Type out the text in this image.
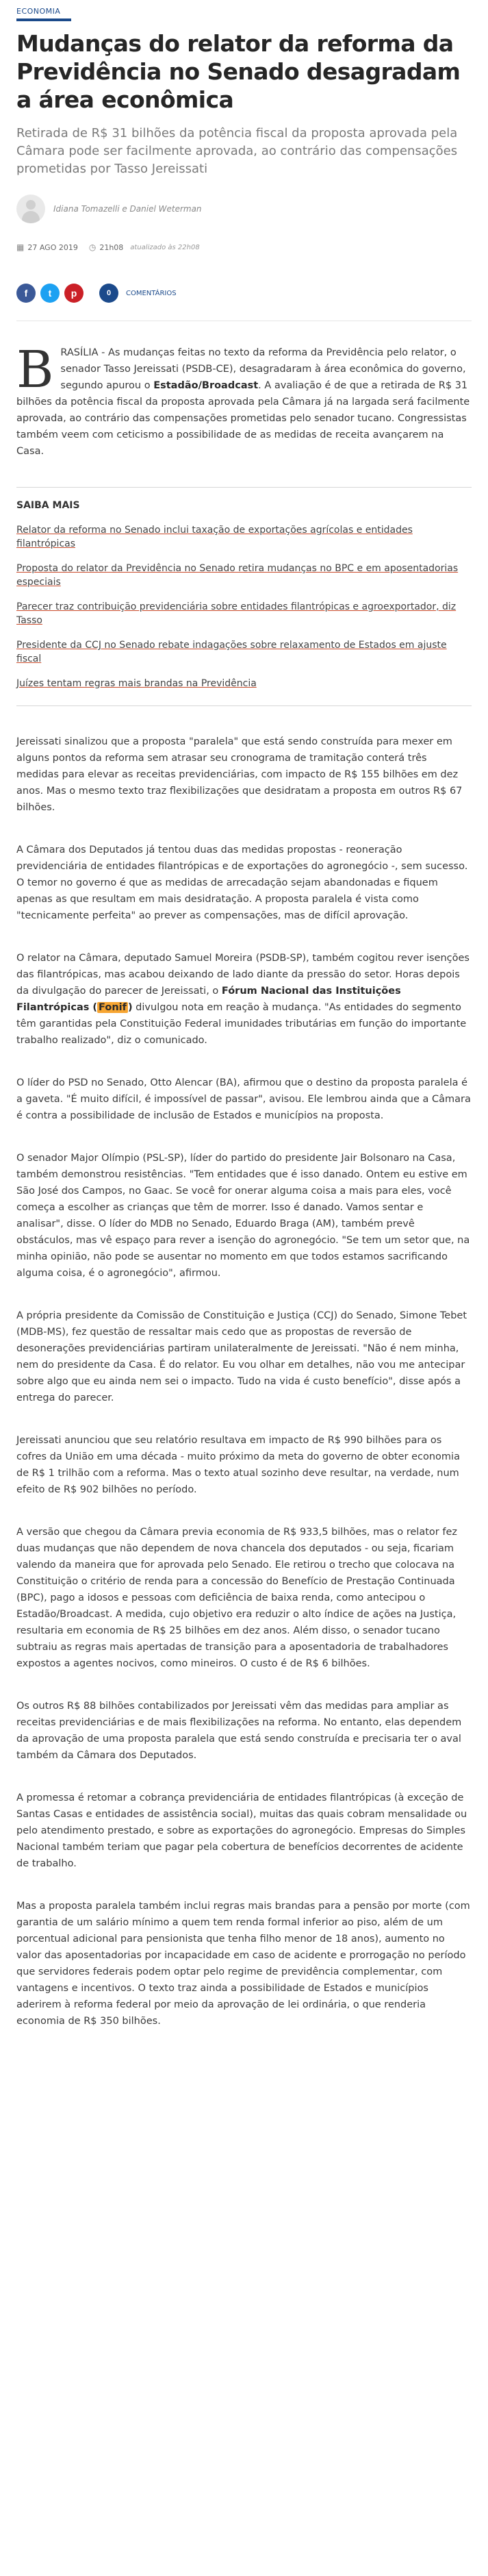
ECONOMIA
Mudanças do relator da reforma da Previdência no Senado desagradam a área econômica
Retirada de R$ 31 bilhões da potência fiscal da proposta aprovada pela Câmara pode ser facilmente aprovada, ao contrário das compensações prometidas por Tasso Jereissati
Idiana Tomazelli e Daniel Weterman
▦ 27 AGO 2019 ◷ 21h08 atualizado às 22h08
f	t	p	0	COMENTÁRIOS

BRASÍLIA - As mudanças feitas no texto da reforma da Previdência pelo relator, o senador Tasso Jereissati (PSDB-CE), desagradaram à área econômica do governo, segundo apurou o Estadão/Broadcast. A avaliação é de que a retirada de R$ 31 bilhões da potência fiscal da proposta aprovada pela Câmara já na largada será facilmente aprovada, ao contrário das compensações prometidas pelo senador tucano. Congressistas também veem com ceticismo a possibilidade de as medidas de receita avançarem na Casa.

SAIBA MAIS
Relator da reforma no Senado inclui taxação de exportações agrícolas e entidades filantrópicas
Proposta do relator da Previdência no Senado retira mudanças no BPC e em aposentadorias especiais
Parecer traz contribuição previdenciária sobre entidades filantrópicas e agroexportador, diz Tasso
Presidente da CCJ no Senado rebate indagações sobre relaxamento de Estados em ajuste fiscal
Juízes tentam regras mais brandas na Previdência

Jereissati sinalizou que a proposta "paralela" que está sendo construída para mexer em alguns pontos da reforma sem atrasar seu cronograma de tramitação conterá três medidas para elevar as receitas previdenciárias, com impacto de R$ 155 bilhões em dez anos. Mas o mesmo texto traz flexibilizações que desidratam a proposta em outros R$ 67 bilhões.

A Câmara dos Deputados já tentou duas das medidas propostas - reoneração previdenciária de entidades filantrópicas e de exportações do agronegócio -, sem sucesso. O temor no governo é que as medidas de arrecadação sejam abandonadas e fiquem apenas as que resultam em mais desidratação. A proposta paralela é vista como "tecnicamente perfeita" ao prever as compensações, mas de difícil aprovação.

O relator na Câmara, deputado Samuel Moreira (PSDB-SP), também cogitou rever isenções das filantrópicas, mas acabou deixando de lado diante da pressão do setor. Horas depois da divulgação do parecer de Jereissati, o Fórum Nacional das Instituições Filantrópicas ( Fonif ) divulgou nota em reação à mudança. "As entidades do segmento têm garantidas pela Constituição Federal imunidades tributárias em função do importante trabalho realizado", diz o comunicado.

O líder do PSD no Senado, Otto Alencar (BA), afirmou que o destino da proposta paralela é a gaveta. "É muito difícil, é impossível de passar", avisou. Ele lembrou ainda que a Câmara é contra a possibilidade de inclusão de Estados e municípios na proposta.

O senador Major Olímpio (PSL-SP), líder do partido do presidente Jair Bolsonaro na Casa, também demonstrou resistências. "Tem entidades que é isso danado. Ontem eu estive em São José dos Campos, no Gaac. Se você for onerar alguma coisa a mais para eles, você começa a escolher as crianças que têm de morrer. Isso é danado. Vamos sentar e analisar", disse. O líder do MDB no Senado, Eduardo Braga (AM), também prevê obstáculos, mas vê espaço para rever a isenção do agronegócio. "Se tem um setor que, na minha opinião, não pode se ausentar no momento em que todos estamos sacrificando alguma coisa, é o agronegócio", afirmou.

A própria presidente da Comissão de Constituição e Justiça (CCJ) do Senado, Simone Tebet (MDB-MS), fez questão de ressaltar mais cedo que as propostas de reversão de desonerações previdenciárias partiram unilateralmente de Jereissati. "Não é nem minha, nem do presidente da Casa. É do relator. Eu vou olhar em detalhes, não vou me antecipar sobre algo que eu ainda nem sei o impacto. Tudo na vida é custo benefício", disse após a entrega do parecer.

Jereissati anunciou que seu relatório resultava em impacto de R$ 990 bilhões para os cofres da União em uma década - muito próximo da meta do governo de obter economia de R$ 1 trilhão com a reforma. Mas o texto atual sozinho deve resultar, na verdade, num efeito de R$ 902 bilhões no período.

A versão que chegou da Câmara previa economia de R$ 933,5 bilhões, mas o relator fez duas mudanças que não dependem de nova chancela dos deputados - ou seja, ficariam valendo da maneira que for aprovada pelo Senado. Ele retirou o trecho que colocava na Constituição o critério de renda para a concessão do Benefício de Prestação Continuada (BPC), pago a idosos e pessoas com deficiência de baixa renda, como antecipou o Estadão/Broadcast. A medida, cujo objetivo era reduzir o alto índice de ações na Justiça, resultaria em economia de R$ 25 bilhões em dez anos. Além disso, o senador tucano subtraiu as regras mais apertadas de transição para a aposentadoria de trabalhadores expostos a agentes nocivos, como mineiros. O custo é de R$ 6 bilhões.

Os outros R$ 88 bilhões contabilizados por Jereissati vêm das medidas para ampliar as receitas previdenciárias e de mais flexibilizações na reforma. No entanto, elas dependem da aprovação de uma proposta paralela que está sendo construída e precisaria ter o aval também da Câmara dos Deputados.

A promessa é retomar a cobrança previdenciária de entidades filantrópicas (à exceção de Santas Casas e entidades de assistência social), muitas das quais cobram mensalidade ou pelo atendimento prestado, e sobre as exportações do agronegócio. Empresas do Simples Nacional também teriam que pagar pela cobertura de benefícios decorrentes de acidente de trabalho.

Mas a proposta paralela também inclui regras mais brandas para a pensão por morte (com garantia de um salário mínimo a quem tem renda formal inferior ao piso, além de um porcentual adicional para pensionista que tenha filho menor de 18 anos), aumento no valor das aposentadorias por incapacidade em caso de acidente e prorrogação no período que servidores federais podem optar pelo regime de previdência complementar, com vantagens e incentivos. O texto traz ainda a possibilidade de Estados e municípios aderirem à reforma federal por meio da aprovação de lei ordinária, o que renderia economia de R$ 350 bilhões.
